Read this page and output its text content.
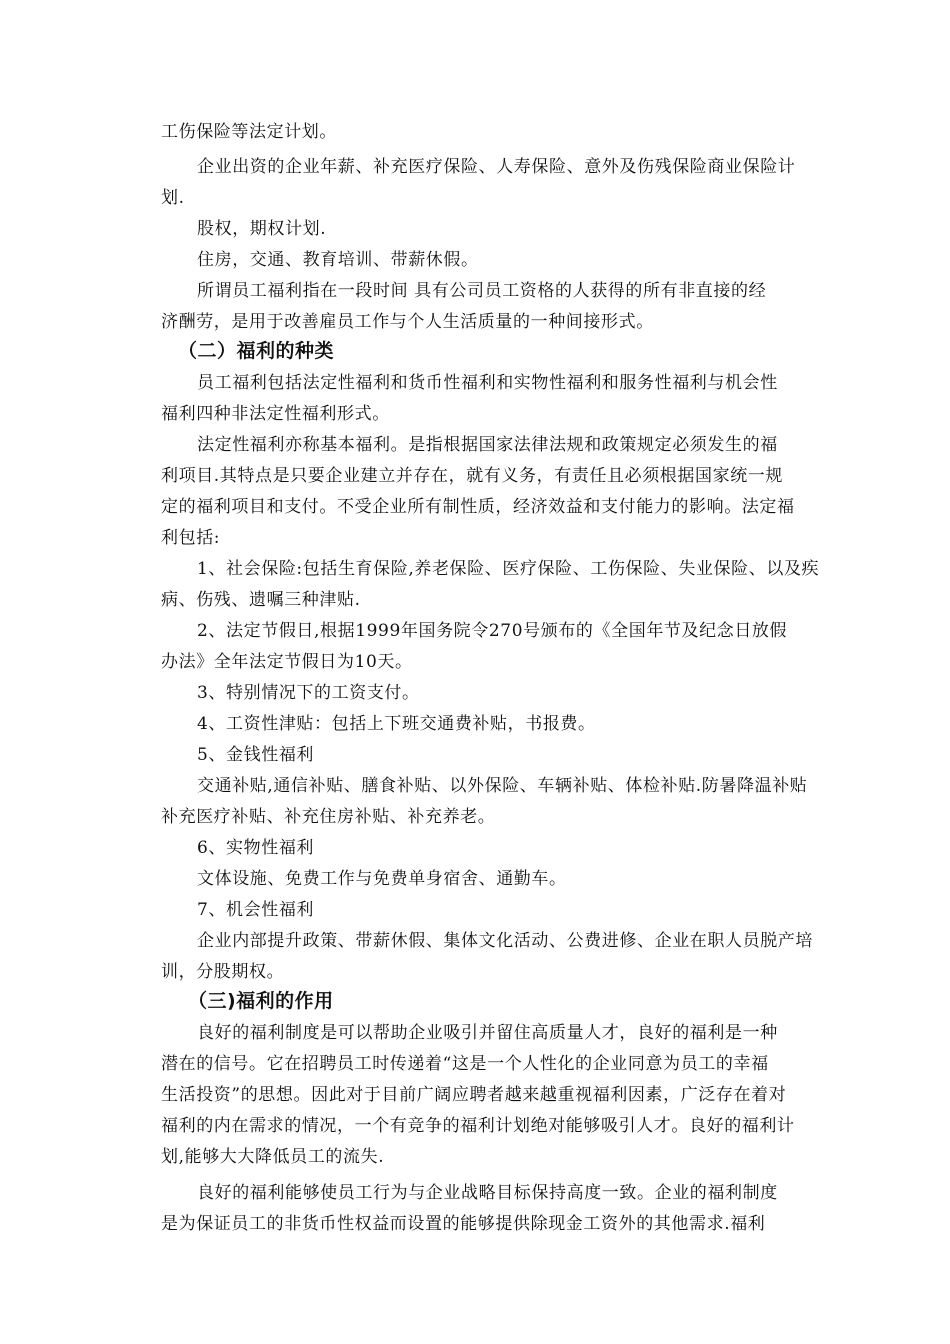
工伤保险等法定计划。
企业出资的企业年薪、补充医疗保险、人寿保险、意外及伤残保险商业保险计
划.
股权，期权计划.
住房，交通、教育培训、带薪休假。
所谓员工福利指在一段时间 具有公司员工资格的人获得的所有非直接的经
济酬劳，是用于改善雇员工作与个人生活质量的一种间接形式。
（二）福利的种类
员工福利包括法定性福利和货币性福利和实物性福利和服务性福利与机会性
福利四种非法定性福利形式。
法定性福利亦称基本福利。是指根据国家法律法规和政策规定必须发生的福
利项目.其特点是只要企业建立并存在，就有义务，有责任且必须根据国家统一规
定的福利项目和支付。不受企业所有制性质，经济效益和支付能力的影响。法定福
利包括:
1、社会保险:包括生育保险,养老保险、医疗保险、工伤保险、失业保险、以及疾
病、伤残、遗嘱三种津贴.
2、法定节假日,根据1999年国务院令270号颁布的《全国年节及纪念日放假
办法》全年法定节假日为10天。
3、特别情况下的工资支付。
4、工资性津贴：包括上下班交通费补贴，书报费。
5、金钱性福利
交通补贴,通信补贴、膳食补贴、以外保险、车辆补贴、体检补贴.防暑降温补贴
补充医疗补贴、补充住房补贴、补充养老。
6、实物性福利
文体设施、免费工作与免费单身宿舍、通勤车。
7、机会性福利
企业内部提升政策、带薪休假、集体文化活动、公费进修、企业在职人员脱产培
训，分股期权。
（三)福利的作用
良好的福利制度是可以帮助企业吸引并留住高质量人才，良好的福利是一种
潜在的信号。它在招聘员工时传递着“这是一个人性化的企业同意为员工的幸福
生活投资”的思想。因此对于目前广阔应聘者越来越重视福利因素，广泛存在着对
福利的内在需求的情况，一个有竞争的福利计划绝对能够吸引人才。良好的福利计
划,能够大大降低员工的流失.
良好的福利能够使员工行为与企业战略目标保持高度一致。企业的福利制度
是为保证员工的非货币性权益而设置的能够提供除现金工资外的其他需求.福利
